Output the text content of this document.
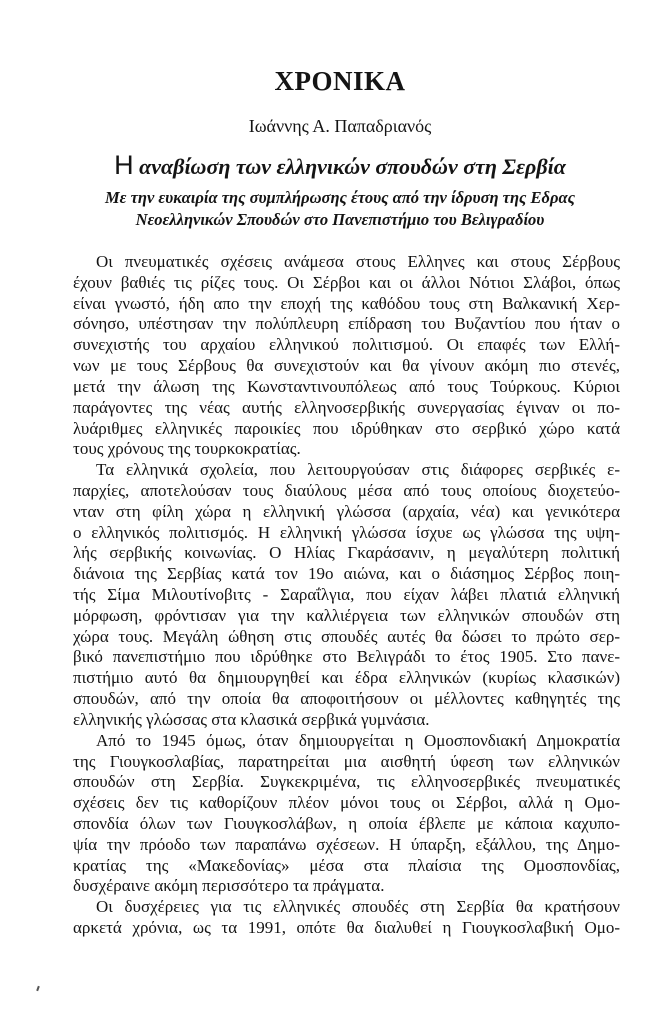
ΧΡΟΝΙΚΑ
Ιωάννης Α. Παπαδριανός
Η αναβίωση των ελληνικών σπουδών στη Σερβία
Με την ευκαιρία της συμπλήρωσης έτους από την ίδρυση της Εδρας
Νεοελληνικών Σπουδών στο Πανεπιστήμιο του Βελιγραδίου
Οι πνευματικές σχέσεις ανάμεσα στους Ελληνες και στους Σέρβους
έχουν βαθιές τις ρίζες τους. Οι Σέρβοι και οι άλλοι Νότιοι Σλάβοι, όπως
είναι γνωστό, ήδη απο την εποχή της καθόδου τους στη Βαλκανική Χερ-
σόνησο, υπέστησαν την πολύπλευρη επίδραση του Βυζαντίου που ήταν ο
συνεχιστής του αρχαίου ελληνικού πολιτισμού. Οι επαφές των Ελλή-
νων με τους Σέρβους θα συνεχιστούν και θα γίνουν ακόμη πιο στενές,
μετά την άλωση της Κωνσταντινουπόλεως από τους Τούρκους. Κύριοι
παράγοντες της νέας αυτής ελληνοσερβικής συνεργασίας έγιναν οι πο-
λυάριθμες ελληνικές παροικίες που ιδρύθηκαν στο σερβικό χώρο κατά
τους χρόνους της τουρκοκρατίας.
Τα ελληνικά σχολεία, που λειτουργούσαν στις διάφορες σερβικές ε-
παρχίες, αποτελούσαν τους διαύλους μέσα από τους οποίους διοχετεύο-
νταν στη φίλη χώρα η ελληνική γλώσσα (αρχαία, νέα) και γενικότερα
ο ελληνικός πολιτισμός. Η ελληνική γλώσσα ίσχυε ως γλώσσα της υψη-
λής σερβικής κοινωνίας. Ο Ηλίας Γκαράσανιν, η μεγαλύτερη πολιτική
διάνοια της Σερβίας κατά τον 19ο αιώνα, και ο διάσημος Σέρβος ποιη-
τής Σίμα Μιλουτίνοβιτς - Σαραΐλγια, που είχαν λάβει πλατιά ελληνική
μόρφωση, φρόντισαν για την καλλιέργεια των ελληνικών σπουδών στη
χώρα τους. Μεγάλη ώθηση στις σπουδές αυτές θα δώσει το πρώτο σερ-
βικό πανεπιστήμιο που ιδρύθηκε στο Βελιγράδι το έτος 1905. Στο πανε-
πιστήμιο αυτό θα δημιουργηθεί και έδρα ελληνικών (κυρίως κλασικών)
σπουδών, από την οποία θα αποφοιτήσουν οι μέλλοντες καθηγητές της
ελληνικής γλώσσας στα κλασικά σερβικά γυμνάσια.
Από το 1945 όμως, όταν δημιουργείται η Ομοσπονδιακή Δημοκρατία
της Γιουγκοσλαβίας, παρατηρείται μια αισθητή ύφεση των ελληνικών
σπουδών στη Σερβία. Συγκεκριμένα, τις ελληνοσερβικές πνευματικές
σχέσεις δεν τις καθορίζουν πλέον μόνοι τους οι Σέρβοι, αλλά η Ομο-
σπονδία όλων των Γιουγκοσλάβων, η οποία έβλεπε με κάποια καχυπο-
ψία την πρόοδο των παραπάνω σχέσεων. Η ύπαρξη, εξάλλου, της Δημο-
κρατίας της «Μακεδονίας» μέσα στα πλαίσια της Ομοσπονδίας,
δυσχέραινε ακόμη περισσότερο τα πράγματα.
Οι δυσχέρειες για τις ελληνικές σπουδές στη Σερβία θα κρατήσουν
αρκετά χρόνια, ως τα 1991, οπότε θα διαλυθεί η Γιουγκοσλαβική Ομο-
